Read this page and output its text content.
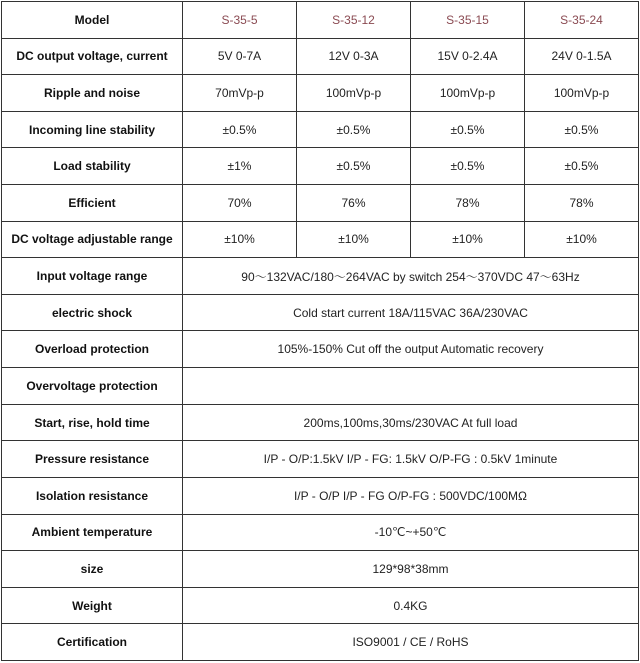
Model	S-35-5	S-35-12	S-35-15	S-35-24
DC output voltage, current	5V 0-7A	12V 0-3A	15V 0-2.4A	24V 0-1.5A
Ripple and noise	70mVp-p	100mVp-p	100mVp-p	100mVp-p
Incoming line stability	±0.5%	±0.5%	±0.5%	±0.5%
Load stability	±1%	±0.5%	±0.5%	±0.5%
Efficient	70%	76%	78%	78%
DC voltage adjustable range	±10%	±10%	±10%	±10%
Input voltage range	90～132VAC/180～264VAC by switch 254～370VDC 47～63Hz			
electric shock	Cold start current 18A/115VAC 36A/230VAC			
Overload protection	105%-150% Cut off the output Automatic recovery			
Overvoltage protection				
Start, rise, hold time	200ms,100ms,30ms/230VAC At full load			
Pressure resistance	I/P - O/P:1.5kV I/P - FG: 1.5kV O/P-FG : 0.5kV 1minute			
Isolation resistance	I/P - O/P I/P - FG O/P-FG : 500VDC/100MΩ			
Ambient temperature	-10℃~+50℃			
size	129*98*38mm			
Weight	0.4KG			
Certification	ISO9001 / CE / RoHS			
